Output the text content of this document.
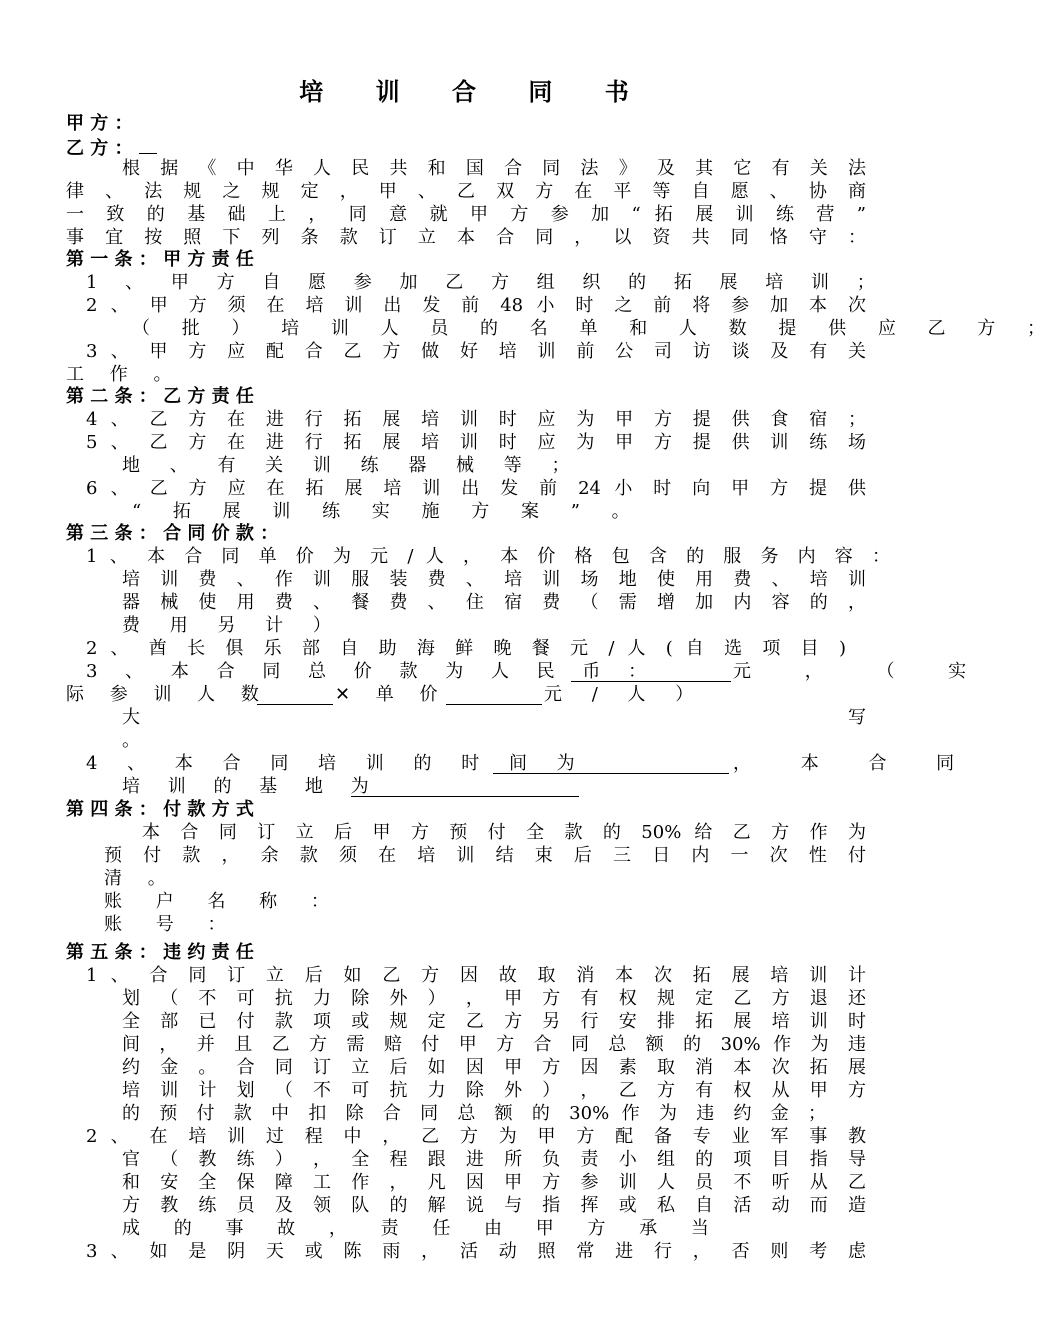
培 训 合 同 书
甲 方 ：
乙 方 ：
根 据 《 中 华 人 民 共 和 国 合 同 法 》 及 其 它 有 关 法
律 、 法 规 之 规 定 ， 甲 、 乙 双 方 在 平 等 自 愿 、 协 商
一 致 的 基 础 上 ， 同 意 就 甲 方 参 加 “ 拓 展 训 练 营 ”
事 宜 按 照 下 列 条 款 订 立 本 合 同 ， 以 资 共 同 恪 守 ：
第 一 条 ： 甲 方 责 任
1 、 甲 方 自 愿 参 加 乙 方 组 织 的 拓 展 培 训 ；
2 、 甲 方 须 在 培 训 出 发 前 48 小 时 之 前 将 参 加 本 次
（ 批 ） 培 训 人 员 的 名 单 和 人 数 提 供 应 乙 方 ；
3 、 甲 方 应 配 合 乙 方 做 好 培 训 前 公 司 访 谈 及 有 关
工 作 。
第 二 条 ： 乙 方 责 任
4 、 乙 方 在 进 行 拓 展 培 训 时 应 为 甲 方 提 供 食 宿 ；
5 、 乙 方 在 进 行 拓 展 培 训 时 应 为 甲 方 提 供 训 练 场
地 、 有 关 训 练 器 械 等 ；
6 、 乙 方 应 在 拓 展 培 训 出 发 前 24 小 时 向 甲 方 提 供
“ 拓 展 训 练 实 施 方 案 ” 。
第 三 条 ： 合 同 价 款 ：
1 、 本 合 同 单 价 为 元 / 人 ， 本 价 格 包 含 的 服 务 内 容 ：
培 训 费 、 作 训 服 装 费 、 培 训 场 地 使 用 费 、 培 训
器 械 使 用 费 、 餐 费 、 住 宿 费 （ 需 增 加 内 容 的 ，
费 用 另 计 ）
2 、 酋 长 俱 乐 部 自 助 海 鲜 晚 餐 元 / 人 ( 自 选 项 目 )
3 、 本 合 同 总 价 款 为 人 民 币 ：	元 ， （ 实
际 参 训 人 数	✕ 单 价	元 / 人 ）
大	写
。
4 、 本 合 同 培 训 的 时 间 为	， 本 合 同
培 训 的 基 地 为
第 四 条 ： 付 款 方 式
本 合 同 订 立 后 甲 方 预 付 全 款 的 50% 给 乙 方 作 为
预 付 款 ， 余 款 须 在 培 训 结 束 后 三 日 内 一 次 性 付
清 。
账 户 名 称 ：
账 号 ：
第 五 条 ： 违 约 责 任
1 、 合 同 订 立 后 如 乙 方 因 故 取 消 本 次 拓 展 培 训 计
划 （ 不 可 抗 力 除 外 ） ， 甲 方 有 权 规 定 乙 方 退 还
全 部 已 付 款 项 或 规 定 乙 方 另 行 安 排 拓 展 培 训 时
间 ， 并 且 乙 方 需 赔 付 甲 方 合 同 总 额 的 30% 作 为 违
约 金 。 合 同 订 立 后 如 因 甲 方 因 素 取 消 本 次 拓 展
培 训 计 划 （ 不 可 抗 力 除 外 ） ， 乙 方 有 权 从 甲 方
的 预 付 款 中 扣 除 合 同 总 额 的 30% 作 为 违 约 金 ；
2 、 在 培 训 过 程 中 ， 乙 方 为 甲 方 配 备 专 业 军 事 教
官 （ 教 练 ） ， 全 程 跟 进 所 负 责 小 组 的 项 目 指 导
和 安 全 保 障 工 作 ， 凡 因 甲 方 参 训 人 员 不 听 从 乙
方 教 练 员 及 领 队 的 解 说 与 指 挥 或 私 自 活 动 而 造
成 的 事 故 ， 责 任 由 甲 方 承 当
3 、 如 是 阴 天 或 陈 雨 ， 活 动 照 常 进 行 ， 否 则 考 虑
